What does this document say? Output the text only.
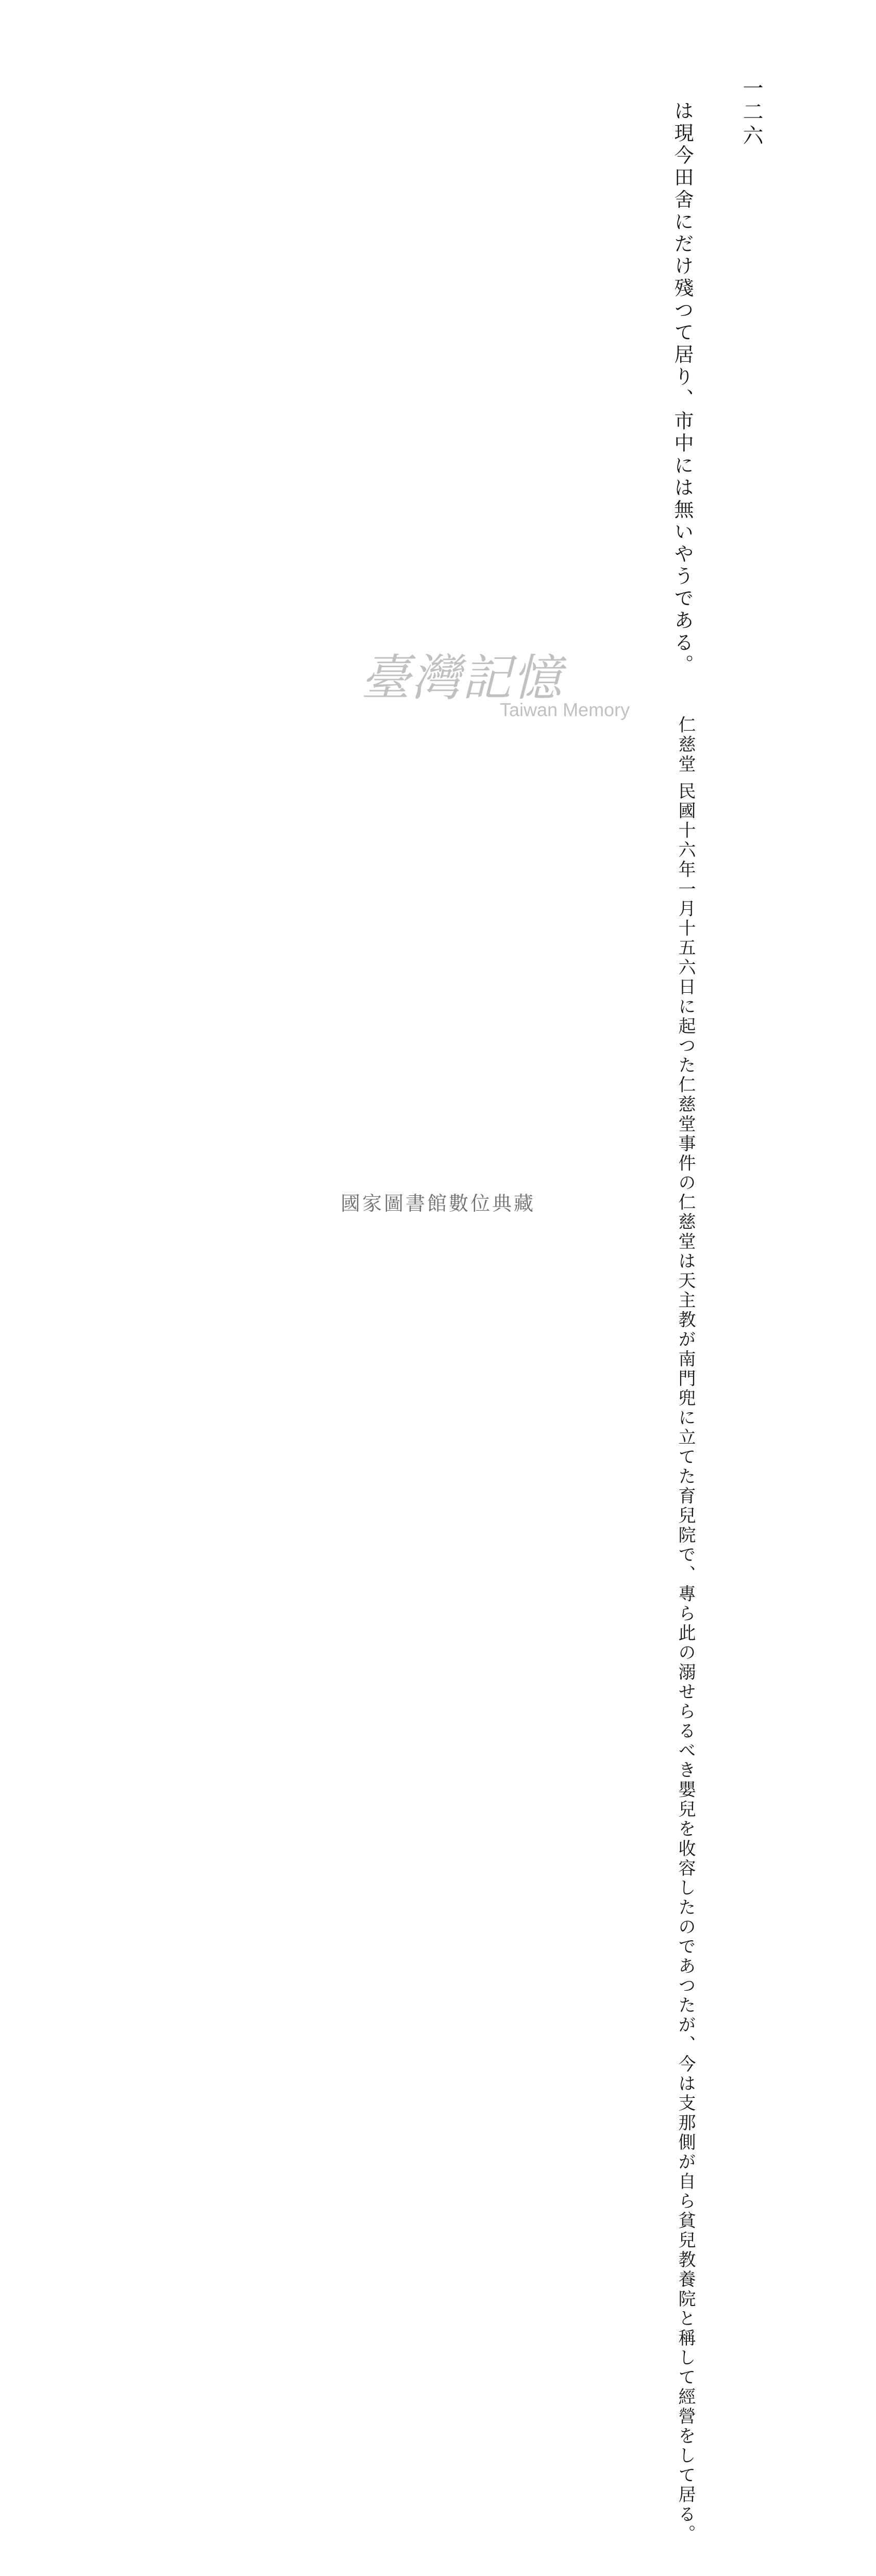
一二六
は現今田舍にだけ殘つて居り、市中には無いやうである。
仁慈堂 民國十六年一月十五六日に起つた仁慈堂事件の仁慈堂は天主教が南門兜に立てた育兒院で、專ら此の溺せらるべき嬰兒を
收容したのであつたが、今は支那側が自ら貧兒教養院と稱して經營をして居る。
臺灣記憶
Taiwan Memory
國家圖書館數位典藏
